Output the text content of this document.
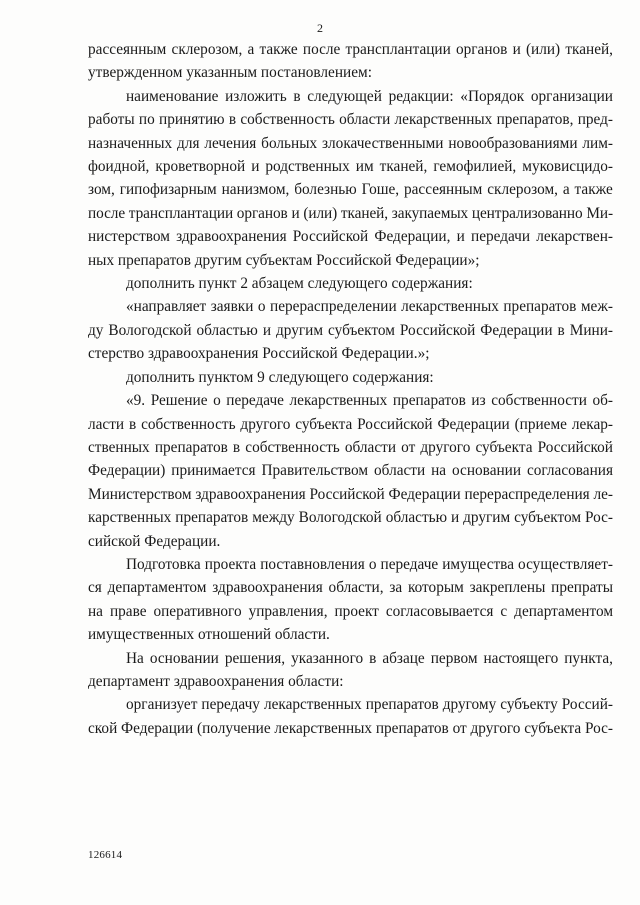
2
рассеянным склерозом, а также после трансплантации органов и (или) тканей,
утвержденном указанным постановлением:
наименование изложить в следующей редакции: «Порядок организации
работы по принятию в собственность области лекарственных препаратов, пред-
назначенных для лечения больных злокачественными новообразованиями лим-
фоидной, кроветворной и родственных им тканей, гемофилией, муковисцидо-
зом, гипофизарным нанизмом, болезнью Гоше, рассеянным склерозом, а также
после трансплантации органов и (или) тканей, закупаемых централизованно Ми-
нистерством здравоохранения Российской Федерации, и передачи лекарствен-
ных препаратов другим субъектам Российской Федерации»;
дополнить пункт 2 абзацем следующего содержания:
«направляет заявки о перераспределении лекарственных препаратов меж-
ду Вологодской областью и другим субъектом Российской Федерации в Мини-
стерство здравоохранения Российской Федерации.»;
дополнить пунктом 9 следующего содержания:
«9. Решение о передаче лекарственных препаратов из собственности об-
ласти в собственность другого субъекта Российской Федерации (приеме лекар-
ственных препаратов в собственность области от другого субъекта Российской
Федерации) принимается Правительством области на основании согласования
Министерством здравоохранения Российской Федерации перераспределения ле-
карственных препаратов между Вологодской областью и другим субъектом Рос-
сийской Федерации.
Подготовка проекта поставновления о передаче имущества осуществляет-
ся департаментом здравоохранения области, за которым закреплены препраты
на праве оперативного управления, проект согласовывается с департаментом
имущественных отношений области.
На основании решения, указанного в абзаце первом настоящего пункта,
департамент здравоохранения области:
организует передачу лекарственных препаратов другому субъекту Россий-
ской Федерации (получение лекарственных препаратов от другого субъекта Рос-
126614
